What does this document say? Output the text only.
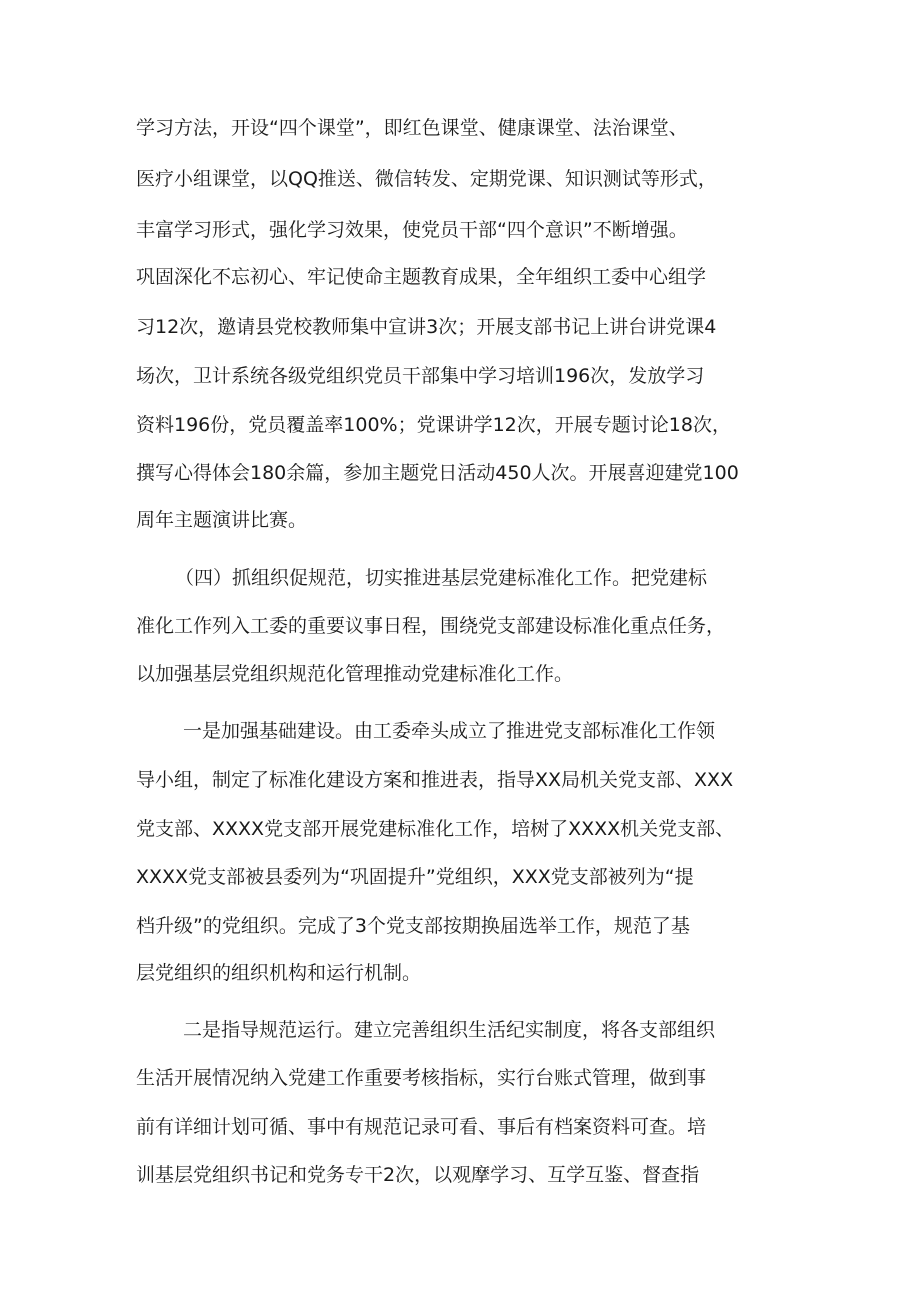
学习方法，开设“四个课堂”，即红色课堂、健康课堂、法治课堂、
医疗小组课堂，以QQ推送、微信转发、定期党课、知识测试等形式，
丰富学习形式，强化学习效果，使党员干部“四个意识”不断增强。
巩固深化不忘初心、牢记使命主题教育成果，全年组织工委中心组学
习12次，邀请县党校教师集中宣讲3次；开展支部书记上讲台讲党课4
场次，卫计系统各级党组织党员干部集中学习培训196次，发放学习
资料196份，党员覆盖率100%；党课讲学12次，开展专题讨论18次，
撰写心得体会180余篇，参加主题党日活动450人次。开展喜迎建党100
周年主题演讲比赛。
（四）抓组织促规范，切实推进基层党建标准化工作。把党建标
准化工作列入工委的重要议事日程，围绕党支部建设标准化重点任务，
以加强基层党组织规范化管理推动党建标准化工作。
一是加强基础建设。由工委牵头成立了推进党支部标准化工作领
导小组，制定了标准化建设方案和推进表，指导XX局机关党支部、XXX
党支部、XXXX党支部开展党建标准化工作，培树了XXXX机关党支部、
XXXX党支部被县委列为“巩固提升”党组织，XXX党支部被列为“提
档升级”的党组织。完成了3个党支部按期换届选举工作，规范了基
层党组织的组织机构和运行机制。
二是指导规范运行。建立完善组织生活纪实制度，将各支部组织
生活开展情况纳入党建工作重要考核指标，实行台账式管理，做到事
前有详细计划可循、事中有规范记录可看、事后有档案资料可查。培
训基层党组织书记和党务专干2次，以观摩学习、互学互鉴、督查指
